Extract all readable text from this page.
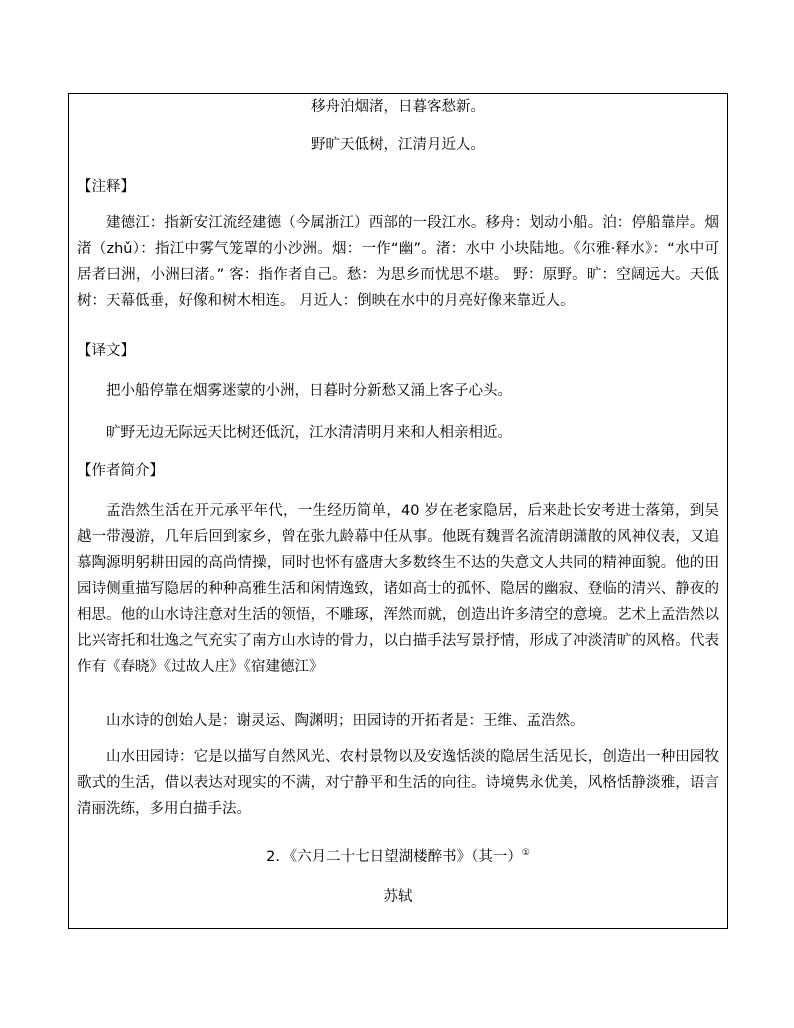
移舟泊烟渚，日暮客愁新。
野旷天低树，江清月近人。
【注释】
建德江：指新安江流经建德（今属浙江）西部的一段江水。移舟：划动小船。泊：停船靠岸。烟渚（zhǔ）：指江中雾气笼罩的小沙洲。烟：一作“幽”。渚：水中 小块陆地。《尔雅·释水》：“水中可居者曰洲，小洲曰渚。” 客：指作者自己。愁：为思乡而忧思不堪。 野：原野。旷：空阔远大。天低树：天幕低垂，好像和树木相连。 月近人：倒映在水中的月亮好像来靠近人。
【译文】
把小船停靠在烟雾迷蒙的小洲，日暮时分新愁又涌上客子心头。
旷野无边无际远天比树还低沉，江水清清明月来和人相亲相近。
【作者简介】
孟浩然生活在开元承平年代，一生经历简单，40 岁在老家隐居，后来赴长安考进士落第，到吴越一带漫游，几年后回到家乡，曾在张九龄幕中任从事。他既有魏晋名流清朗潇散的风神仪表，又追慕陶源明躬耕田园的高尚情操，同时也怀有盛唐大多数终生不达的失意文人共同的精神面貌。他的田园诗侧重描写隐居的种种高雅生活和闲情逸致，诸如高士的孤怀、隐居的幽寂、登临的清兴、静夜的相思。他的山水诗注意对生活的领悟，不雕琢，浑然而就，创造出许多清空的意境。艺术上孟浩然以比兴寄托和壮逸之气充实了南方山水诗的骨力，以白描手法写景抒情，形成了冲淡清旷的风格。代表作有《春晓》《过故人庄》《宿建德江》
山水诗的创始人是：谢灵运、陶渊明；田园诗的开拓者是：王维、孟浩然。
山水田园诗：它是以描写自然风光、农村景物以及安逸恬淡的隐居生活见长，创造出一种田园牧歌式的生活，借以表达对现实的不满，对宁静平和生活的向往。诗境隽永优美，风格恬静淡雅，语言清丽洗练，多用白描手法。
2．《六月二十七日望湖楼醉书》（其一）①
苏轼
